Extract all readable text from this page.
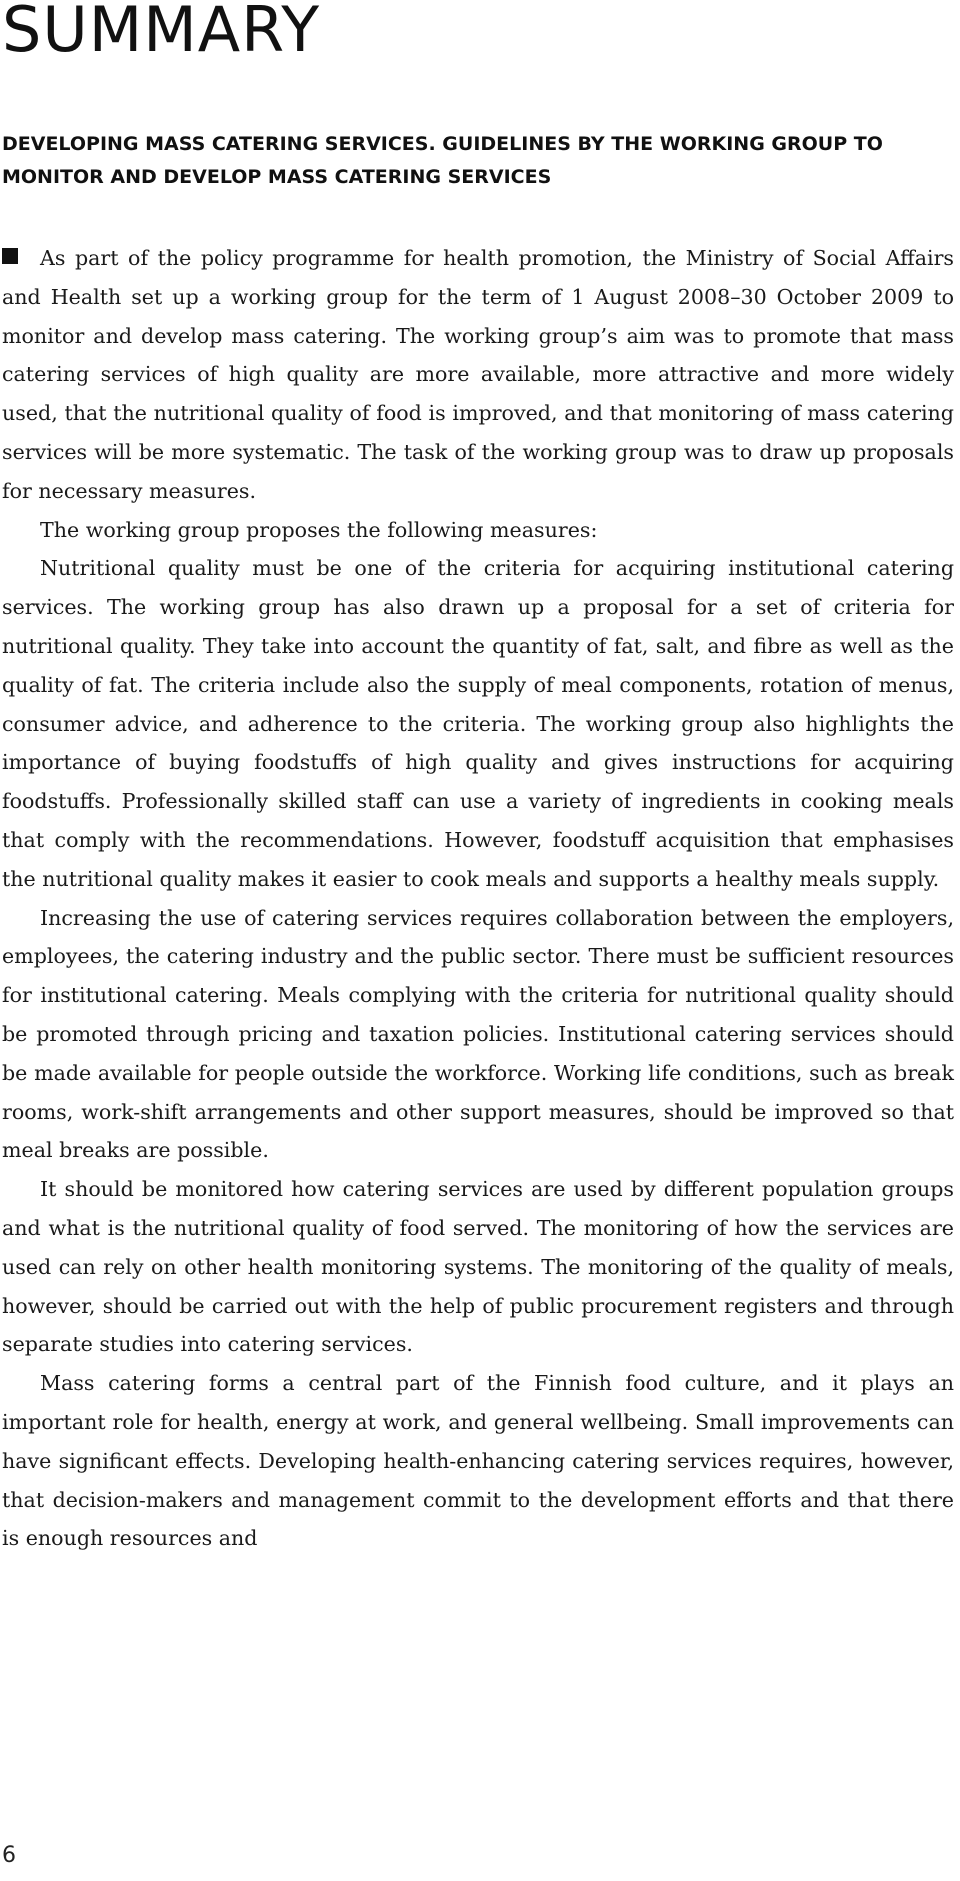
SUMMARY
DEVELOPING MASS CATERING SERVICES. GUIDELINES BY THE WORKING GROUP TO MONITOR AND DEVELOP MASS CATERING SERVICES

As part of the policy programme for health promotion, the Ministry of Social Affairs and Health set up a working group for the term of 1 August 2008–30 October 2009 to monitor and develop mass catering. The working group’s aim was to promote that mass catering services of high quality are more available, more attractive and more widely used, that the nutritional quality of food is improved, and that monitoring of mass catering services will be more systematic. The task of the working group was to draw up proposals for necessary measures.

The working group proposes the following measures:

Nutritional quality must be one of the criteria for acquiring institutional catering services. The working group has also drawn up a proposal for a set of criteria for nutritional quality. They take into account the quantity of fat, salt, and fibre as well as the quality of fat. The criteria include also the supply of meal components, rotation of menus, consumer advice, and adherence to the criteria. The working group also highlights the importance of buying foodstuffs of high quality and gives instructions for acquiring foodstuffs. Professionally skilled staff can use a variety of ingredients in cooking meals that comply with the recommendations. However, foodstuff acquisition that emphasises the nutritional quality makes it easier to cook meals and supports a healthy meals supply.

Increasing the use of catering services requires collaboration between the employers, employees, the catering industry and the public sector. There must be sufficient resources for institutional catering. Meals complying with the criteria for nutritional quality should be promoted through pricing and taxation policies. Institutional catering services should be made available for people outside the workforce. Working life conditions, such as break rooms, work-shift arrangements and other support measures, should be improved so that meal breaks are possible.

It should be monitored how catering services are used by different population groups and what is the nutritional quality of food served. The monitoring of how the services are used can rely on other health monitoring systems. The monitoring of the quality of meals, however, should be carried out with the help of public procurement registers and through separate studies into catering services.

Mass catering forms a central part of the Finnish food culture, and it plays an important role for health, energy at work, and general wellbeing. Small improvements can have significant effects. Developing health-enhancing catering services requires, however, that decision-makers and management commit to the development efforts and that there is enough resources and

6
